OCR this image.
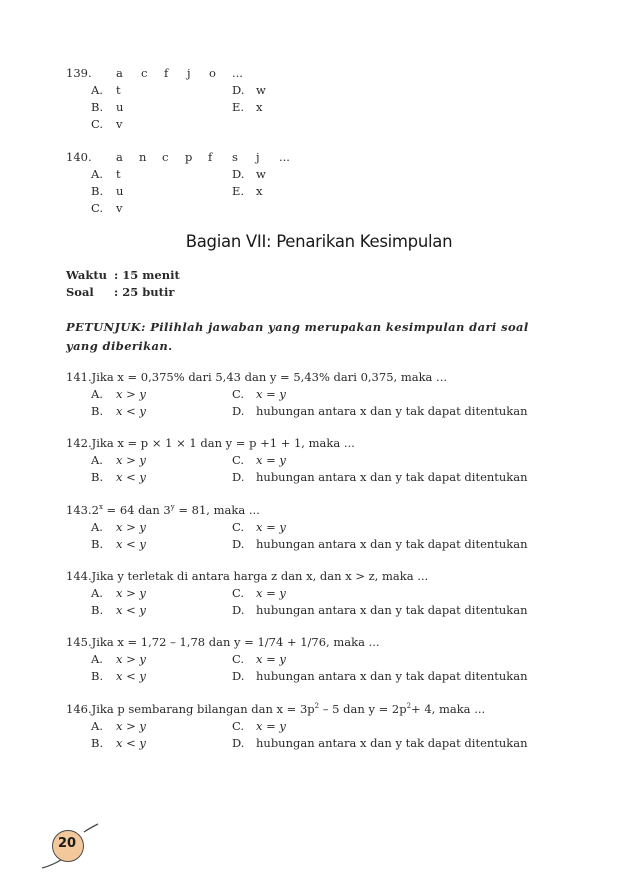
139. a c f j o ...
A. t	D. w
B. u	E. x
C. v
140. a n c p f s j ...
A. t	D. w
B. u	E. x
C. v
Bagian VII: Penarikan Kesimpulan
Waktu : 15 menit
Soal : 25 butir
PETUNJUK: Pilihlah jawaban yang merupakan kesimpulan dari soal yang diberikan.
141.Jika x = 0,375% dari 5,43 dan y = 5,43% dari 0,375, maka ...
A. x > y	C. x = y
B. x < y	D. hubungan antara x dan y tak dapat ditentukan
142.Jika x = p × 1 × 1 dan y = p +1 + 1, maka ...
A. x > y	C. x = y
B. x < y	D. hubungan antara x dan y tak dapat ditentukan
$143.2^x = 64$ dan $3^y = 81$, maka ...
A. x > y	C. x = y
B. x < y	D. hubungan antara x dan y tak dapat ditentukan
144.Jika y terletak di antara harga z dan x, dan x > z, maka ...
A. x > y	C. x = y
B. x < y	D. hubungan antara x dan y tak dapat ditentukan
145.Jika x = 1,72 – 1,78 dan y = 1/74 + 1/76, maka ...
A. x > y	C. x = y
B. x < y	D. hubungan antara x dan y tak dapat ditentukan
146.Jika p sembarang bilangan dan $x = 3p^2 - 5$ dan $y = 2p^2+ 4$, maka ...
A. x > y	C. x = y
B. x < y	D. hubungan antara x dan y tak dapat ditentukan
20
